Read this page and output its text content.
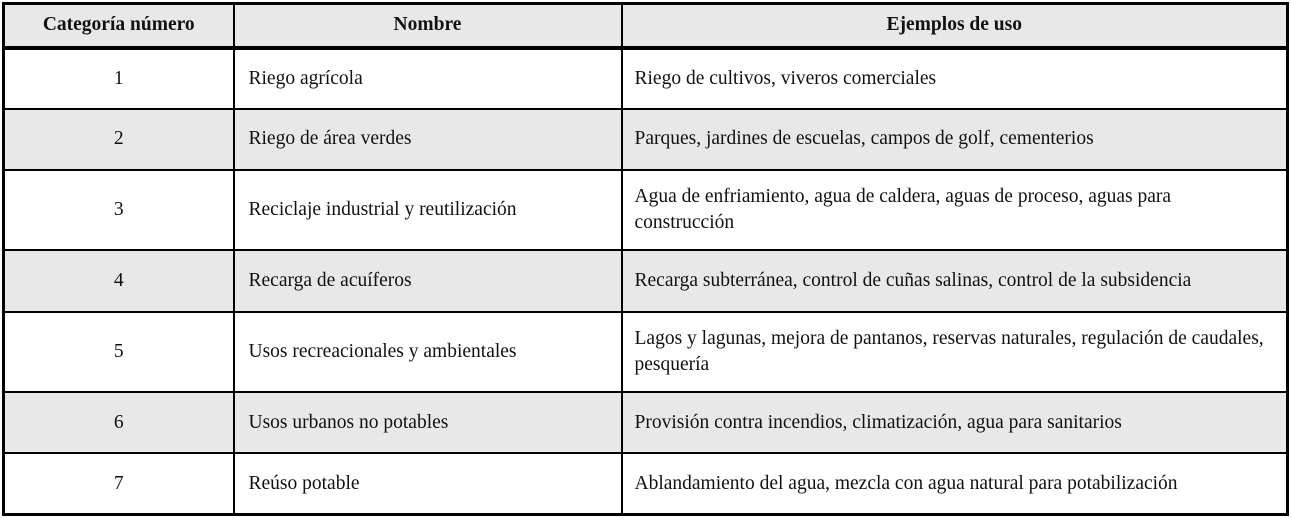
Categoría número	Nombre	Ejemplos de uso
1	Riego agrícola	Riego de cultivos, viveros comerciales
2	Riego de área verdes	Parques, jardines de escuelas, campos de golf, cementerios
3	Reciclaje industrial y reutilización	Agua de enfriamiento, agua de caldera, aguas de proceso, aguas para construcción
4	Recarga de acuíferos	Recarga subterránea, control de cuñas salinas, control de la subsidencia
5	Usos recreacionales y ambientales	Lagos y lagunas, mejora de pantanos, reservas naturales, regulación de caudales, pesquería
6	Usos urbanos no potables	Provisión contra incendios, climatización, agua para sanitarios
7	Reúso potable	Ablandamiento del agua, mezcla con agua natural para potabilización
